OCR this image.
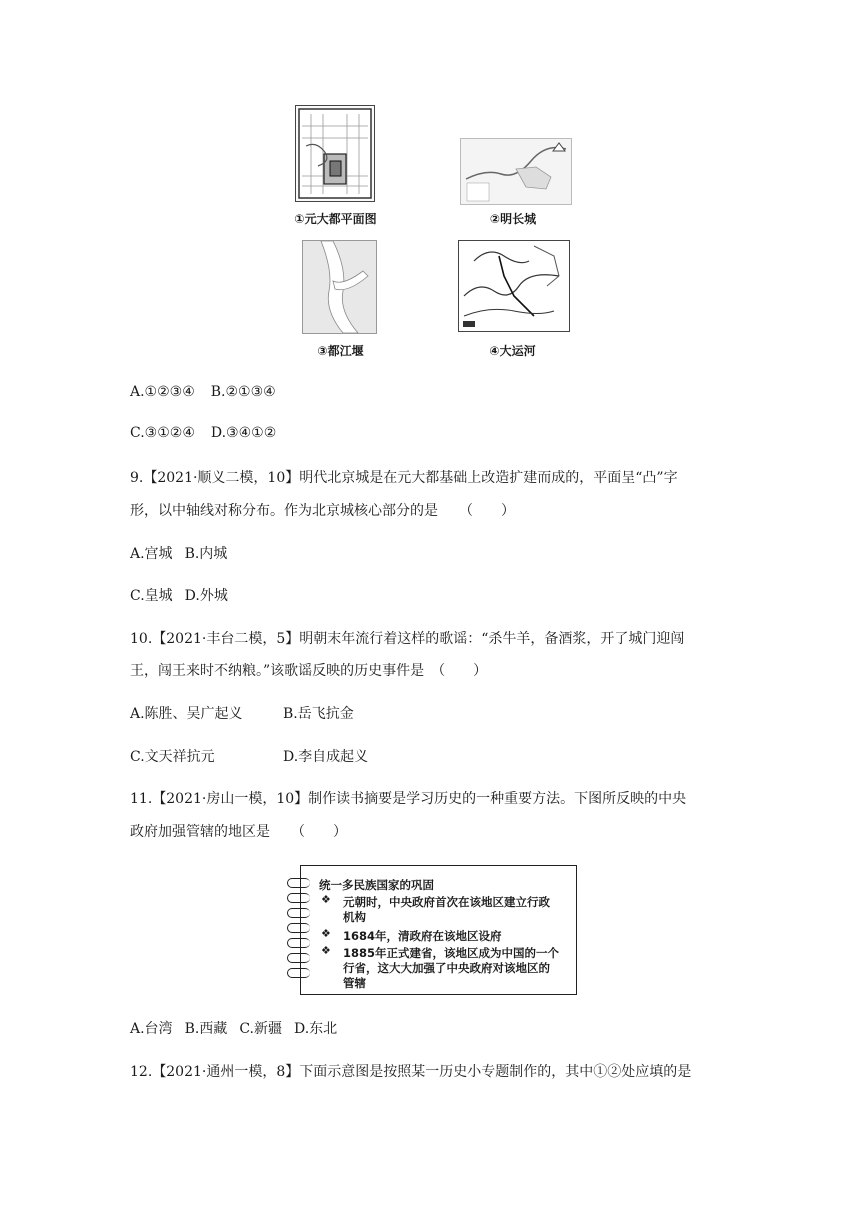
①元大都平面图	②明长城
③都江堰	④大运河
A.①②③④ B.②①③④
C.③①②④ D.③④①②
9.【2021·顺义二模，10】明代北京城是在元大都基础上改造扩建而成的，平面呈“凸”字
形，以中轴线对称分布。作为北京城核心部分的是　　（　　）
A.宫城 B.内城
C.皇城 D.外城
10.【2021·丰台二模，5】明朝末年流行着这样的歌谣：“杀牛羊，备酒浆，开了城门迎闯
王，闯王来时不纳粮。”该歌谣反映的历史事件是　（　　）
A.陈胜、吴广起义	B.岳飞抗金
C.文天祥抗元	D.李自成起义
11.【2021·房山一模，10】制作读书摘要是学习历史的一种重要方法。下图所反映的中央
政府加强管辖的地区是　　（　　）
统一多民族国家的巩固
❖ 元朝时，中央政府首次在该地区建立行政
机构
❖ 1684年，清政府在该地区设府
❖ 1885年正式建省，该地区成为中国的一个
行省，这大大加强了中央政府对该地区的
管辖
A.台湾 B.西藏 C.新疆 D.东北
12.【2021·通州一模，8】下面示意图是按照某一历史小专题制作的，其中①②处应填的是
